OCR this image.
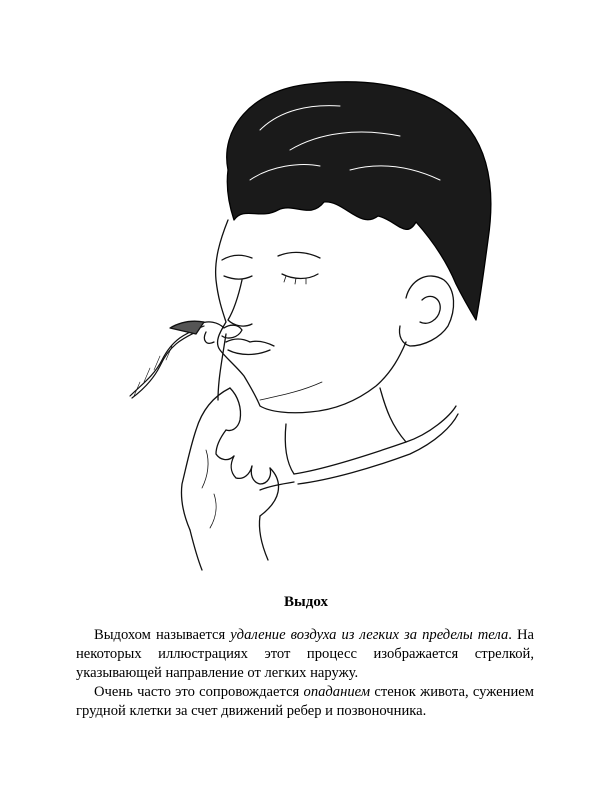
Выдох

Выдохом называется удаление воздуха из легких за пределы тела. На некоторых иллюстрациях этот процесс изображается стрелкой, указывающей направление от легких наружу.

Очень часто это сопровождается опаданием стенок живота, сужением грудной клетки за счет движений ребер и позвоночника.
